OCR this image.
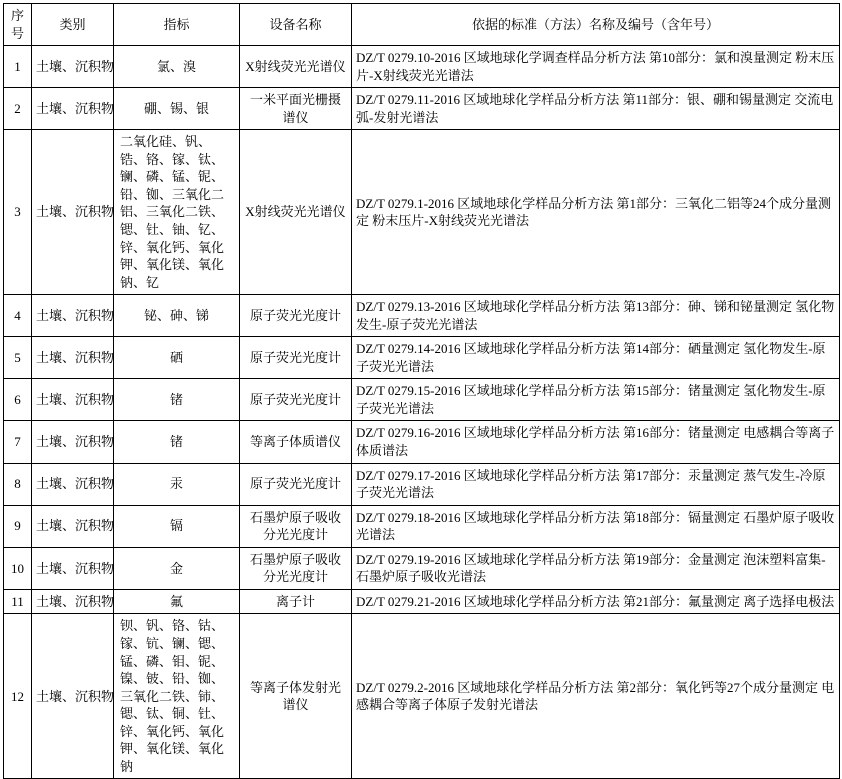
序号	类别	指标	设备名称	依据的标准（方法）名称及编号（含年号）
1	土壤、沉积物	氯、溴	X射线荧光光谱仪	DZ/T 0279.10-2016 区域地球化学调查样品分析方法 第10部分：氯和溴量测定 粉末压片-X射线荧光光谱法
2	土壤、沉积物	硼、锡、银	一米平面光栅摄谱仪	DZ/T 0279.11-2016 区域地球化学样品分析方法 第11部分：银、硼和锡量测定 交流电弧-发射光谱法
3	土壤、沉积物	二氧化硅、钒、锆、铬、镓、钛、镧、磷、锰、铌、铅、铷、三氧化二铝、三氧化二铁、锶、钍、铀、钇、锌、氧化钙、氧化钾、氧化镁、氧化钠、钇	X射线荧光光谱仪	DZ/T 0279.1-2016 区域地球化学样品分析方法 第1部分：三氧化二铝等24个成分量测定 粉末压片-X射线荧光光谱法
4	土壤、沉积物	铋、砷、锑	原子荧光光度计	DZ/T 0279.13-2016 区域地球化学样品分析方法 第13部分：砷、锑和铋量测定 氢化物发生-原子荧光光谱法
5	土壤、沉积物	硒	原子荧光光度计	DZ/T 0279.14-2016 区域地球化学样品分析方法 第14部分：硒量测定 氢化物发生-原子荧光光谱法
6	土壤、沉积物	锗	原子荧光光度计	DZ/T 0279.15-2016 区域地球化学样品分析方法 第15部分：锗量测定 氢化物发生-原子荧光光谱法
7	土壤、沉积物	锗	等离子体质谱仪	DZ/T 0279.16-2016 区域地球化学样品分析方法 第16部分：锗量测定 电感耦合等离子体质谱法
8	土壤、沉积物	汞	原子荧光光度计	DZ/T 0279.17-2016 区域地球化学样品分析方法 第17部分：汞量测定 蒸气发生-冷原子荧光光谱法
9	土壤、沉积物	镉	石墨炉原子吸收分光光度计	DZ/T 0279.18-2016 区域地球化学样品分析方法 第18部分：镉量测定 石墨炉原子吸收光谱法
10	土壤、沉积物	金	石墨炉原子吸收分光光度计	DZ/T 0279.19-2016 区域地球化学样品分析方法 第19部分：金量测定 泡沫塑料富集-石墨炉原子吸收光谱法
11	土壤、沉积物	氟	离子计	DZ/T 0279.21-2016 区域地球化学样品分析方法 第21部分：氟量测定 离子选择电极法
12	土壤、沉积物	钡、钒、铬、钴、镓、钪、镧、锶、锰、磷、钼、铌、镍、铍、铅、铷、三氧化二铁、铈、锶、钛、铜、钍、锌、氧化钙、氧化钾、氧化镁、氧化钠	等离子体发射光谱仪	DZ/T 0279.2-2016 区域地球化学样品分析方法 第2部分：氧化钙等27个成分量测定 电感耦合等离子体原子发射光谱法
